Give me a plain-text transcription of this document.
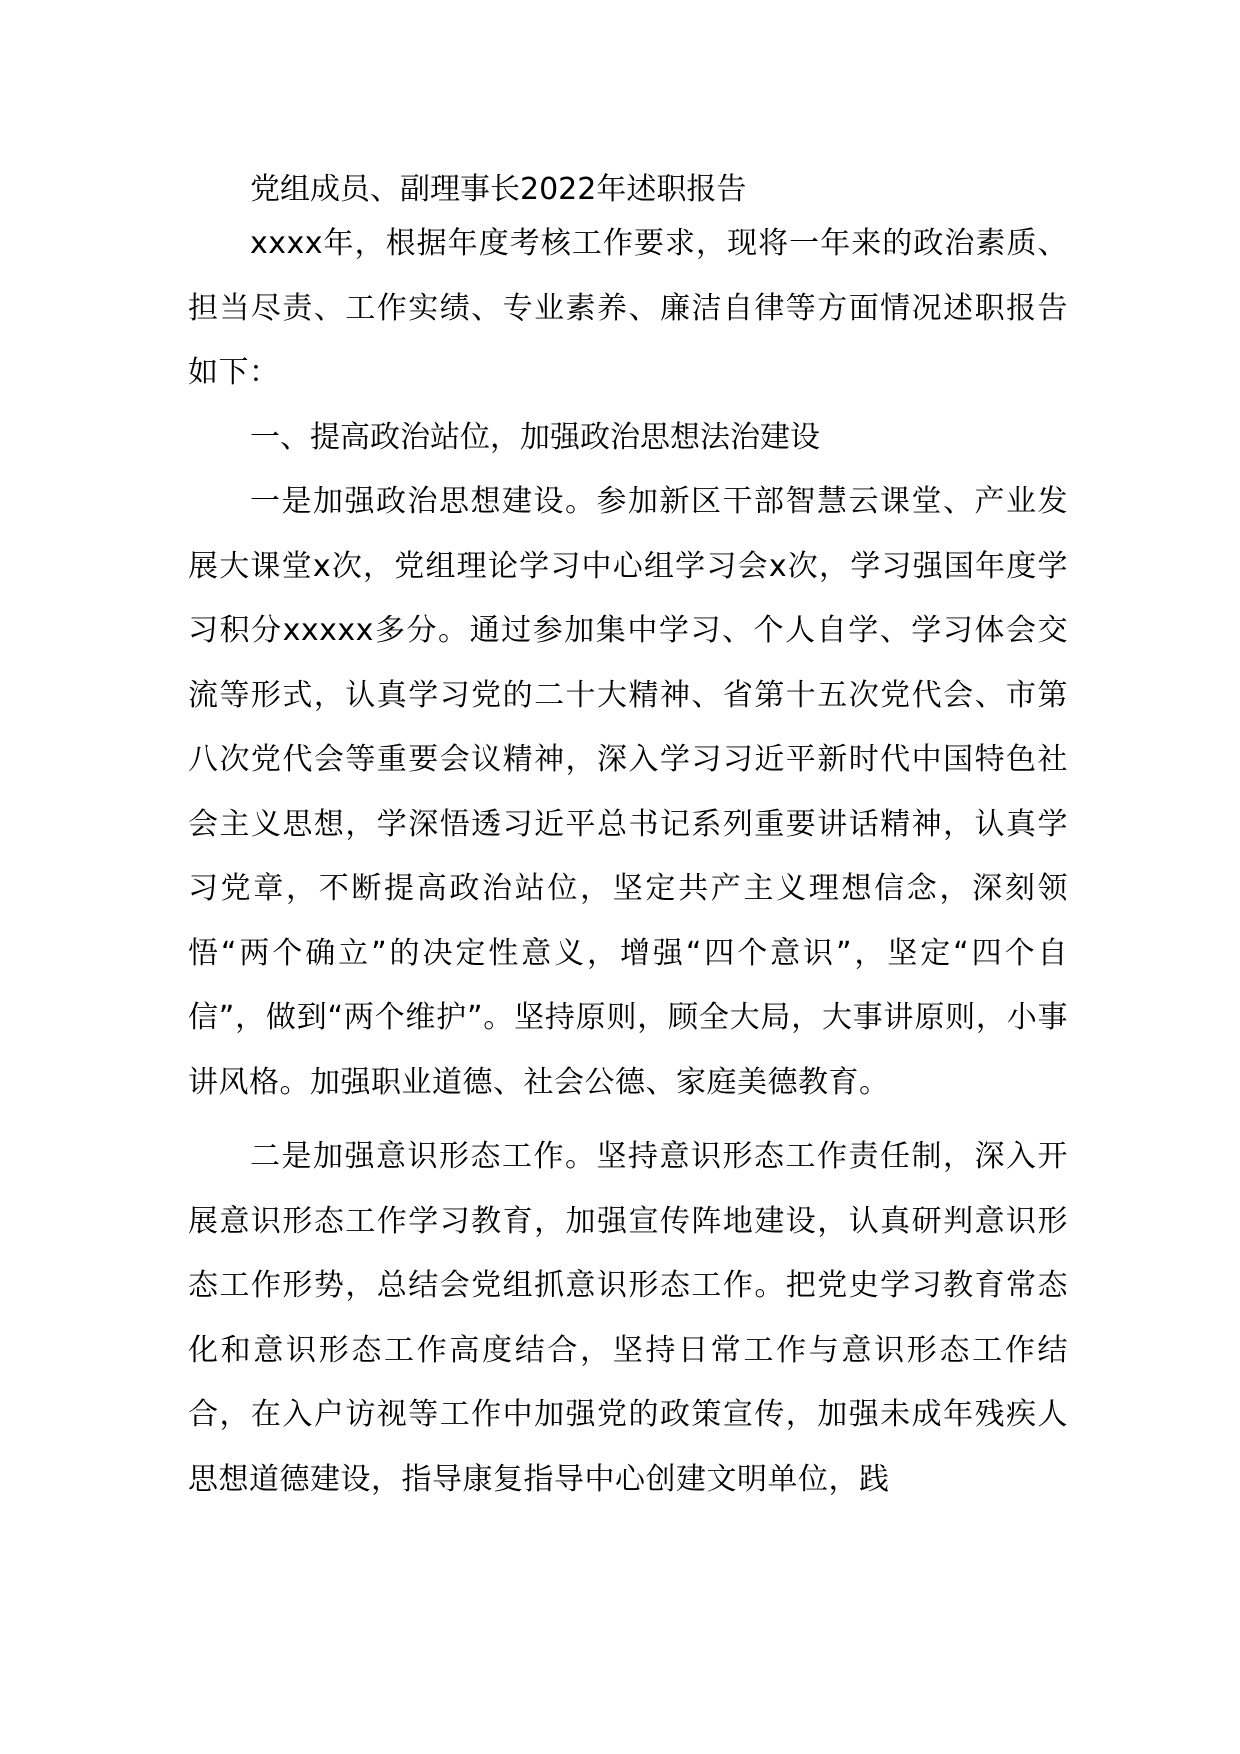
党组成员、副理事长2022年述职报告

xxxx年，根据年度考核工作要求，现将一年来的政治素质、担当尽责、工作实绩、专业素养、廉洁自律等方面情况述职报告如下：

一、提高政治站位，加强政治思想法治建设

一是加强政治思想建设。参加新区干部智慧云课堂、产业发展大课堂x次，党组理论学习中心组学习会x次，学习强国年度学习积分xxxxx多分。通过参加集中学习、个人自学、学习体会交流等形式，认真学习党的二十大精神、省第十五次党代会、市第八次党代会等重要会议精神，深入学习习近平新时代中国特色社会主义思想，学深悟透习近平总书记系列重要讲话精神，认真学习党章，不断提高政治站位，坚定共产主义理想信念，深刻领悟“两个确立”的决定性意义，增强“四个意识”，坚定“四个自信”，做到“两个维护”。坚持原则，顾全大局，大事讲原则，小事讲风格。加强职业道德、社会公德、家庭美德教育。

二是加强意识形态工作。坚持意识形态工作责任制，深入开展意识形态工作学习教育，加强宣传阵地建设，认真研判意识形态工作形势，总结会党组抓意识形态工作。把党史学习教育常态化和意识形态工作高度结合，坚持日常工作与意识形态工作结合，在入户访视等工作中加强党的政策宣传，加强未成年残疾人思想道德建设，指导康复指导中心创建文明单位，践
